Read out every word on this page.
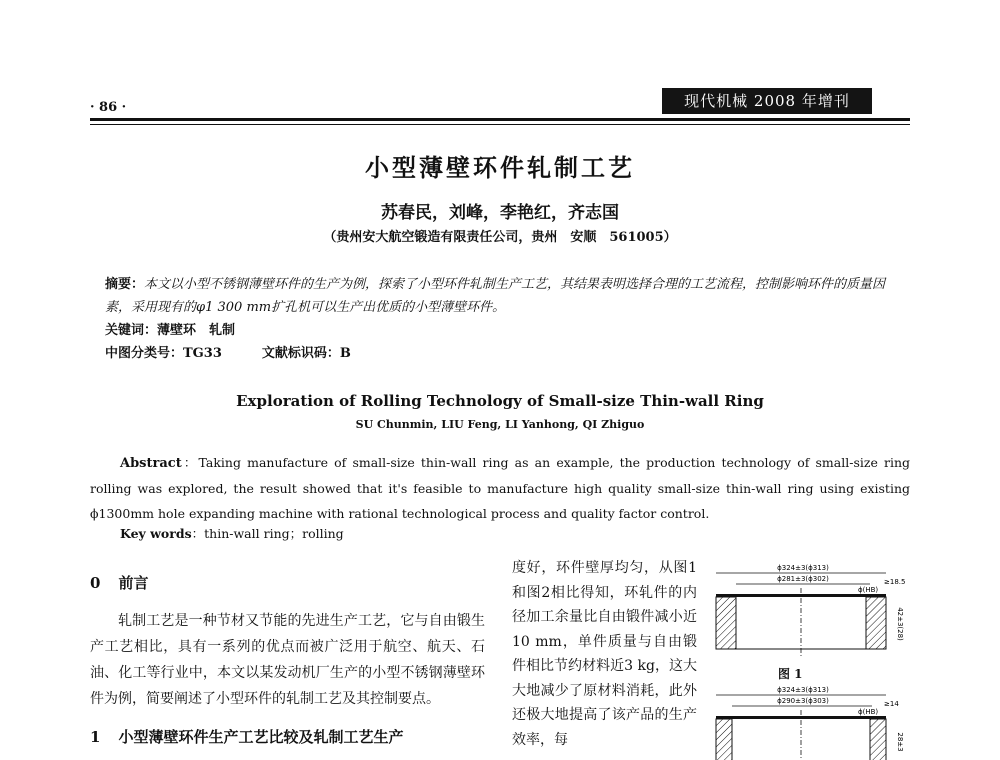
· 86 ·	现代机械 2008 年增刊
小型薄壁环件轧制工艺
苏春民，刘峰，李艳红，齐志国
（贵州安大航空锻造有限责任公司，贵州　安顺　561005）
摘要：本文以小型不锈钢薄壁环件的生产为例，探索了小型环件轧制生产工艺，其结果表明选择合理的工艺流程，控制影响环件的质量因素，采用现有的φ1 300 mm扩孔机可以生产出优质的小型薄壁环件。
关键词：薄壁环　轧制
中图分类号：TG33	文献标识码：B
Exploration of Rolling Technology of Small-size Thin-wall Ring
SU Chunmin, LIU Feng, LI Yanhong, QI Zhiguo
Abstract：Taking manufacture of small-size thin-wall ring as an example, the production technology of small-size ring rolling was explored, the result showed that it's feasible to manufacture high quality small-size thin-wall ring using existing ϕ1300mm hole expanding machine with rational technological process and quality factor control.
Key words：thin-wall ring；rolling
0 前言
轧制工艺是一种节材又节能的先进生产工艺，它与自由锻生产工艺相比，具有一系列的优点而被广泛用于航空、航天、石油、化工等行业中，本文以某发动机厂生产的小型不锈钢薄壁环件为例，简要阐述了小型环件的轧制工艺及其控制要点。
1 小型薄壁环件生产工艺比较及轧制工艺生产
度好，环件壁厚均匀，从图1和图2相比得知，环轧件的内径加工余量比自由锻件减小近10 mm，单件质量与自由锻件相比节约材料近3 kg，这大大地减少了原材料消耗，此外还极大地提高了该产品的生产效率，每
ϕ324±3(ϕ313)
ϕ281±3(ϕ302)
ϕ(HB)
≥18.5
42±3(28)
图 1
ϕ324±3(ϕ313)
ϕ290±3(ϕ303)
ϕ(HB)
≥14
28±3
